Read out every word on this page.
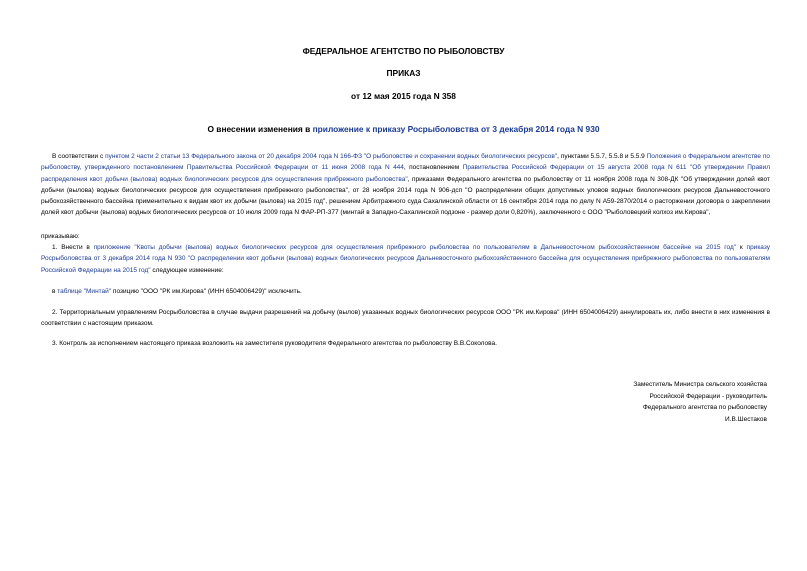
ФЕДЕРАЛЬНОЕ АГЕНТСТВО ПО РЫБОЛОВСТВУ
ПРИКАЗ
от 12 мая 2015 года N 358
О внесении изменения в приложение к приказу Росрыболовства от 3 декабря 2014 года N 930

В соответствии с пунктом 2 части 2 статьи 13 Федерального закона от 20 декабря 2004 года N 166-ФЗ "О рыболовстве и сохранении водных биологических ресурсов", пунктами 5.5.7, 5.5.8 и 5.5.9 Положения о Федеральном агентстве по рыболовству, утвержденного постановлением Правительства Российской Федерации от 11 июня 2008 года N 444, постановлением Правительства Российской Федерации от 15 августа 2008 года N 611 "Об утверждении Правил распределения квот добычи (вылова) водных биологических ресурсов для осуществления прибрежного рыболовства", приказами Федерального агентства по рыболовству от 11 ноября 2008 года N 308-ДК "Об утверждении долей квот добычи (вылова) водных биологических ресурсов для осуществления прибрежного рыболовства", от 28 ноября 2014 года N 906-дсп "О распределении общих допустимых уловов водных биологических ресурсов Дальневосточного рыбохозяйственного бассейна применительно к видам квот их добычи (вылова) на 2015 год", решением Арбитражного суда Сахалинской области от 16 сентября 2014 года по делу N А59-2870/2014 о расторжении договора о закреплении долей квот добычи (вылова) водных биологических ресурсов от 10 июля 2009 года N ФАР-РП-377 (минтай в Западно-Сахалинской подзоне - размер доли 0,820%), заключенного с ООО "Рыболовецкий колхоз им.Кирова",

приказываю:

1. Внести в приложение "Квоты добычи (вылова) водных биологических ресурсов для осуществления прибрежного рыболовства по пользователям в Дальневосточном рыбохозяйственном бассейне на 2015 год" к приказу Росрыболовства от 3 декабря 2014 года N 930 "О распределении квот добычи (вылова) водных биологических ресурсов Дальневосточного рыбохозяйственного бассейна для осуществления прибрежного рыболовства по пользователям Российской Федерации на 2015 год" следующее изменение:

в таблице "Минтай" позицию "ООО "РК им.Кирова" (ИНН 6504006429)" исключить.

2. Территориальным управлениям Росрыболовства в случае выдачи разрешений на добычу (вылов) указанных водных биологических ресурсов ООО "РК им.Кирова" (ИНН 6504006429) аннулировать их, либо внести в них изменения в соответствии с настоящим приказом.

3. Контроль за исполнением настоящего приказа возложить на заместителя руководителя Федерального агентства по рыболовству В.В.Соколова.

Заместитель Министра сельского хозяйства
Российской Федерации - руководитель
Федерального агентства по рыболовству
И.В.Шестаков
